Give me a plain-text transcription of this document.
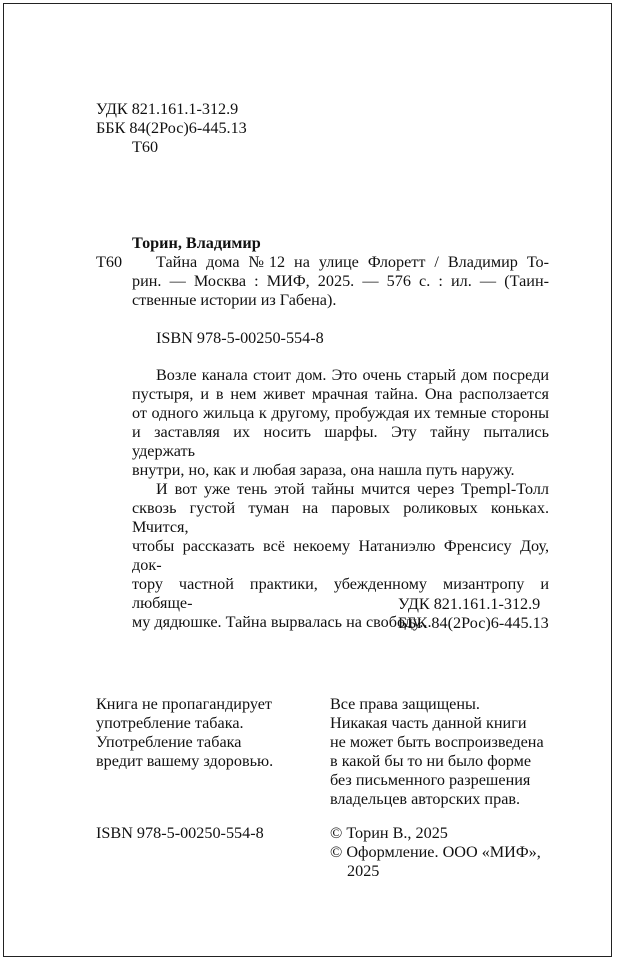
УДК 821.161.1-312.9
ББК 84(2Рос)6-445.13
Т60
Торин, Владимир
Т60 Тайна дома №12 на улице Флоретт / Владимир То-
рин. — Москва : МИФ, 2025. — 576 с. : ил. — (Таин-
ственные истории из Габена).
ISBN 978-5-00250-554-8
Возле канала стоит дом. Это очень старый дом посреди
пустыря, и в нем живет мрачная тайна. Она расползается
от одного жильца к другому, пробуждая их темные стороны
и заставляя их носить шарфы. Эту тайну пытались удержать
внутри, но, как и любая зараза, она нашла путь наружу.
И вот уже тень этой тайны мчится через Трempl-Толл
сквозь густой туман на паровых роликовых коньках. Мчится,
чтобы рассказать всё некоему Натаниэлю Френсису Доу, док-
тору частной практики, убежденному мизантропу и любяще-
му дядюшке. Тайна вырвалась на свободу...
УДК 821.161.1-312.9
ББК 84(2Рос)6-445.13
Книга не пропагандирует
употребление табака.
Употребление табака
вредит вашему здоровью.
Все права защищены.
Никакая часть данной книги
не может быть воспроизведена
в какой бы то ни было форме
без письменного разрешения
владельцев авторских прав.
ISBN 978-5-00250-554-8	© Торин В., 2025
© Оформление. ООО «МИФ»,
2025
